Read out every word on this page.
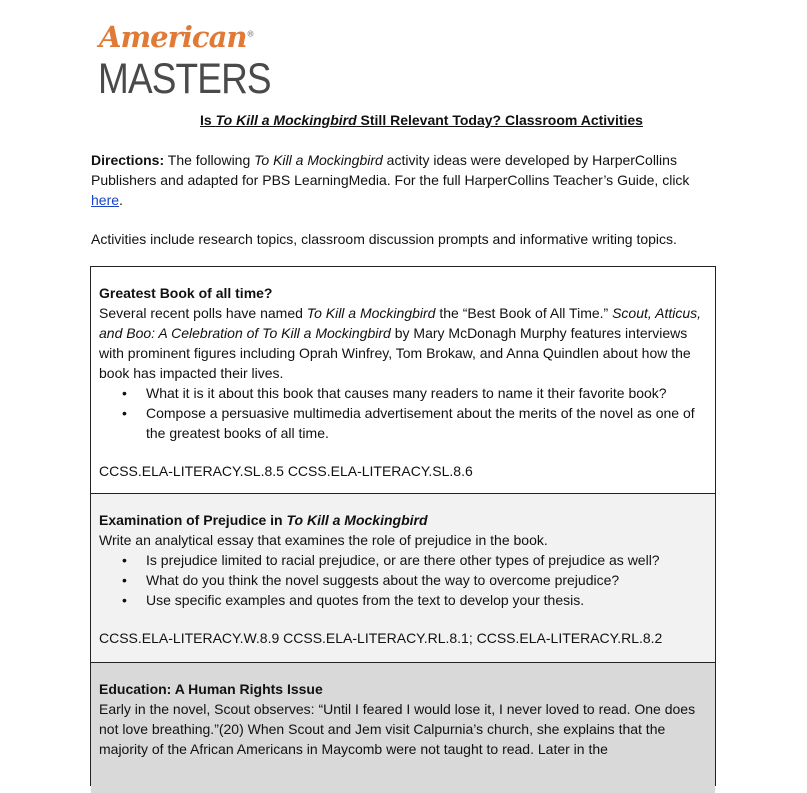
American®
MASTERS
Is To Kill a Mockingbird Still Relevant Today? Classroom Activities
Directions: The following To Kill a Mockingbird activity ideas were developed by HarperCollins Publishers and adapted for PBS LearningMedia. For the full HarperCollins Teacher’s Guide, click here.
Activities include research topics, classroom discussion prompts and informative writing topics.
Greatest Book of all time?
Several recent polls have named To Kill a Mockingbird the “Best Book of All Time.” Scout, Atticus, and Boo: A Celebration of To Kill a Mockingbird by Mary McDonagh Murphy features interviews with prominent figures including Oprah Winfrey, Tom Brokaw, and Anna Quindlen about how the book has impacted their lives.
• What it is it about this book that causes many readers to name it their favorite book?
• Compose a persuasive multimedia advertisement about the merits of the novel as one of the greatest books of all time.
CCSS.ELA-LITERACY.SL.8.5 CCSS.ELA-LITERACY.SL.8.6
Examination of Prejudice in To Kill a Mockingbird
Write an analytical essay that examines the role of prejudice in the book.
• Is prejudice limited to racial prejudice, or are there other types of prejudice as well?
• What do you think the novel suggests about the way to overcome prejudice?
• Use specific examples and quotes from the text to develop your thesis.
CCSS.ELA-LITERACY.W.8.9 CCSS.ELA-LITERACY.RL.8.1; CCSS.ELA-LITERACY.RL.8.2
Education: A Human Rights Issue
Early in the novel, Scout observes: “Until I feared I would lose it, I never loved to read. One does not love breathing.”(20) When Scout and Jem visit Calpurnia’s church, she explains that the majority of the African Americans in Maycomb were not taught to read. Later in the
